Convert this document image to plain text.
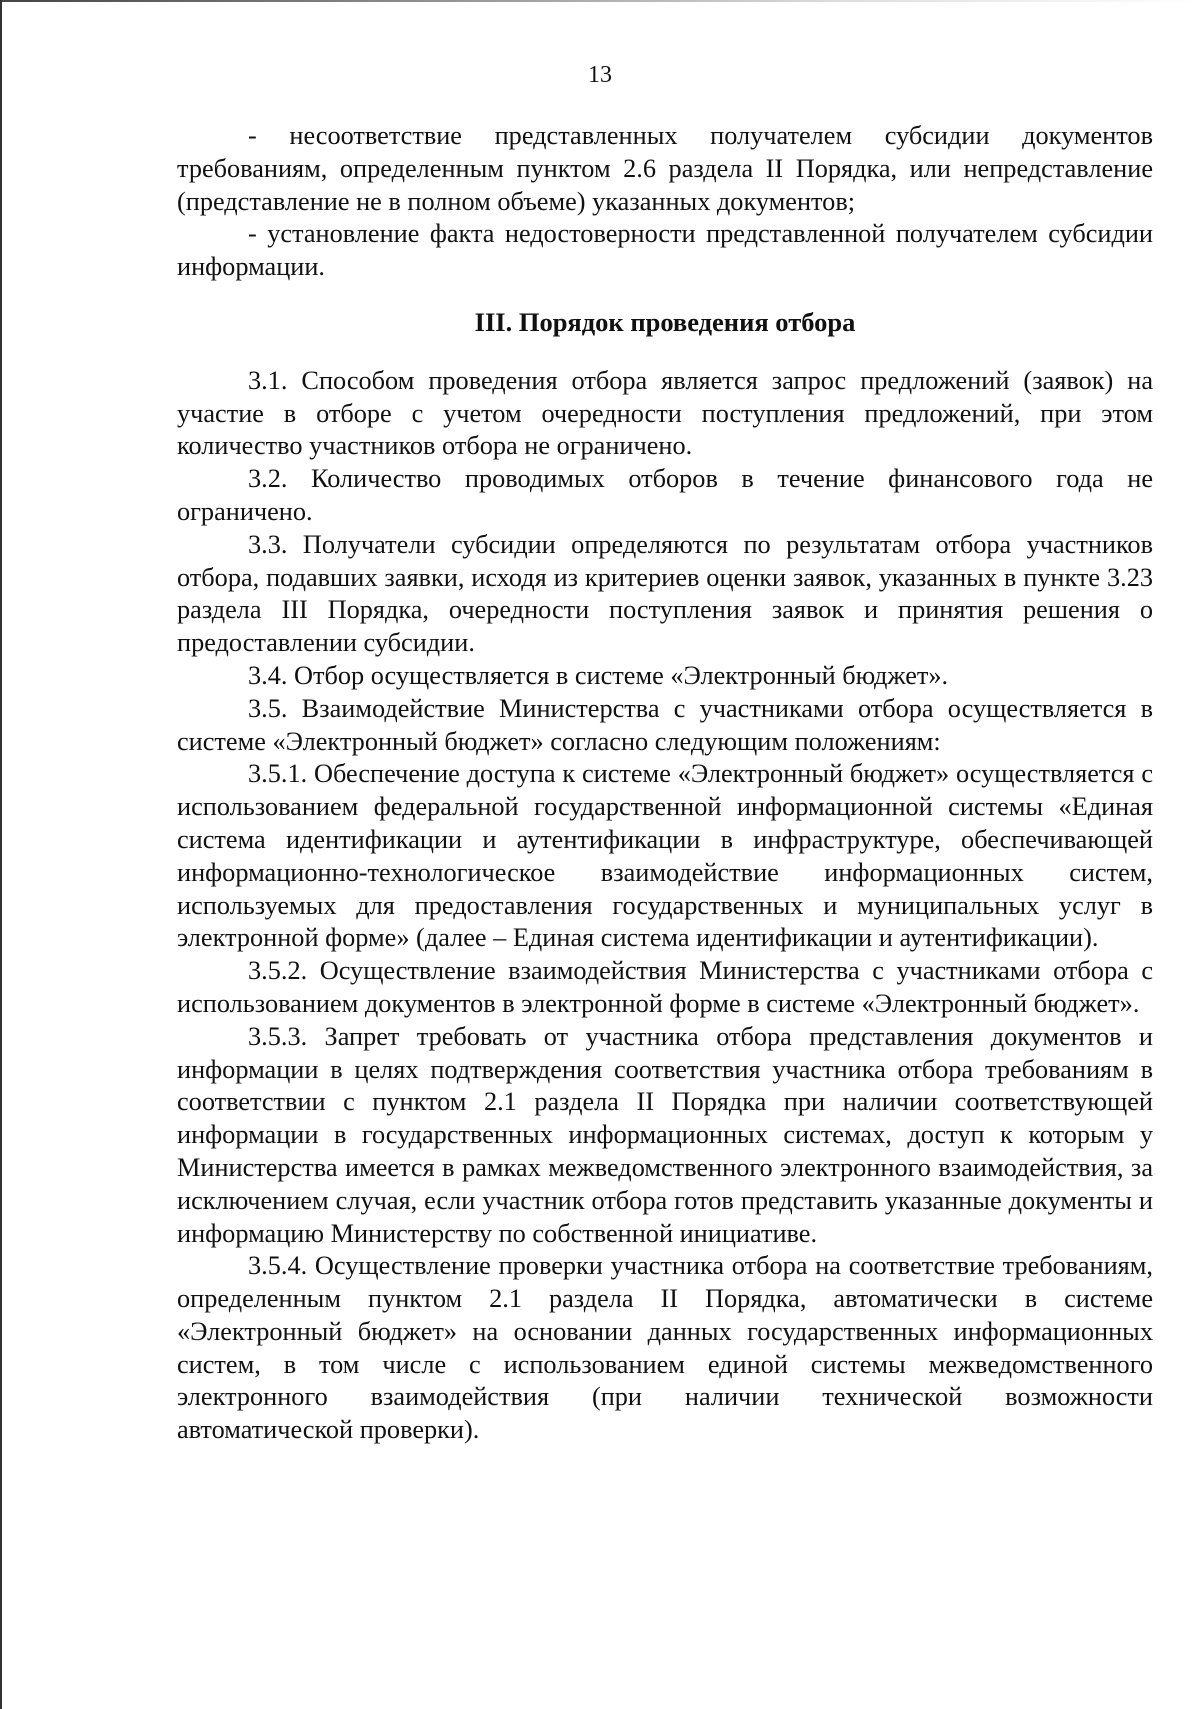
13

- несоответствие представленных получателем субсидии документов требованиям, определенным пунктом 2.6 раздела II Порядка, или непредставление (представление не в полном объеме) указанных документов;

- установление факта недостоверности представленной получателем субсидии информации.

III. Порядок проведения отбора

3.1. Способом проведения отбора является запрос предложений (заявок) на участие в отборе с учетом очередности поступления предложений, при этом количество участников отбора не ограничено.

3.2. Количество проводимых отборов в течение финансового года не ограничено.

3.3. Получатели субсидии определяются по результатам отбора участников отбора, подавших заявки, исходя из критериев оценки заявок, указанных в пункте 3.23 раздела III Порядка, очередности поступления заявок и принятия решения о предоставлении субсидии.

3.4. Отбор осуществляется в системе «Электронный бюджет».

3.5. Взаимодействие Министерства с участниками отбора осуществляется в системе «Электронный бюджет» согласно следующим положениям:

3.5.1. Обеспечение доступа к системе «Электронный бюджет» осуществляется с использованием федеральной государственной информационной системы «Единая система идентификации и аутентификации в инфраструктуре, обеспечивающей информационно-технологическое взаимодействие информационных систем, используемых для предоставления государственных и муниципальных услуг в электронной форме» (далее – Единая система идентификации и аутентификации).

3.5.2. Осуществление взаимодействия Министерства с участниками отбора с использованием документов в электронной форме в системе «Электронный бюджет».

3.5.3. Запрет требовать от участника отбора представления документов и информации в целях подтверждения соответствия участника отбора требованиям в соответствии с пунктом 2.1 раздела II Порядка при наличии соответствующей информации в государственных информационных системах, доступ к которым у Министерства имеется в рамках межведомственного электронного взаимодействия, за исключением случая, если участник отбора готов представить указанные документы и информацию Министерству по собственной инициативе.

3.5.4. Осуществление проверки участника отбора на соответствие требованиям, определенным пунктом 2.1 раздела II Порядка, автоматически в системе «Электронный бюджет» на основании данных государственных информационных систем, в том числе с использованием единой системы межведомственного электронного взаимодействия (при наличии технической возможности автоматической проверки).
